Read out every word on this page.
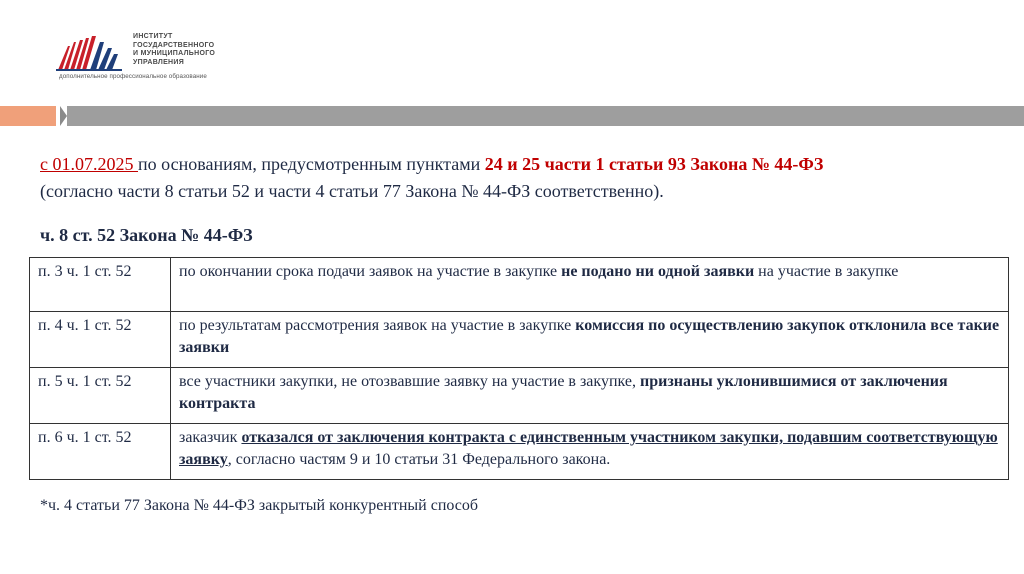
ИНСТИТУТ
ГОСУДАРСТВЕННОГО
И МУНИЦИПАЛЬНОГО
УПРАВЛЕНИЯ
дополнительное профессиональное образование
с 01.07.2025 по основаниям, предусмотренным пунктами 24 и 25 части 1 статьи 93 Закона № 44-ФЗ
(согласно части 8 статьи 52 и части 4 статьи 77 Закона № 44-ФЗ соответственно).
ч. 8 ст. 52 Закона № 44-ФЗ
п. 3 ч. 1 ст. 52	по окончании срока подачи заявок на участие в закупке не подано ни одной заявки на участие в закупке
п. 4 ч. 1 ст. 52	по результатам рассмотрения заявок на участие в закупке комиссия по осуществлению закупок отклонила все такие заявки
п. 5 ч. 1 ст. 52	все участники закупки, не отозвавшие заявку на участие в закупке, признаны уклонившимися от заключения контракта
п. 6 ч. 1 ст. 52	заказчик отказался от заключения контракта с единственным участником закупки, подавшим соответствующую заявку, согласно частям 9 и 10 статьи 31 Федерального закона.
*ч. 4 статьи 77 Закона № 44-ФЗ закрытый конкурентный способ
